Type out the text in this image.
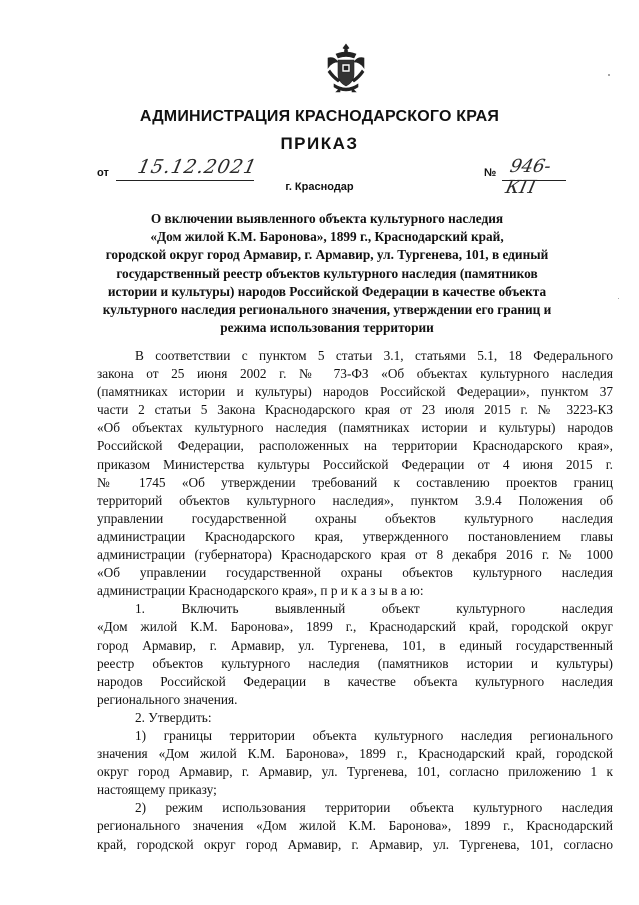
АДМИНИСТРАЦИЯ КРАСНОДАРСКОГО КРАЯ
ПРИКАЗ
от 15.12.2021	№ 946-КП
г. Краснодар
О включении выявленного объекта культурного наследия
«Дом жилой К.М. Баронова», 1899 г., Краснодарский край,
городской округ город Армавир, г. Армавир, ул. Тургенева, 101, в единый
государственный реестр объектов культурного наследия (памятников
истории и культуры) народов Российской Федерации в качестве объекта
культурного наследия регионального значения, утверждении его границ и
режима использования территории
В соответствии с пунктом 5 статьи 3.1, статьями 5.1, 18 Федерального
закона от 25 июня 2002 г. № 73-ФЗ «Об объектах культурного наследия
(памятниках истории и культуры) народов Российской Федерации», пунктом 37
части 2 статьи 5 Закона Краснодарского края от 23 июля 2015 г. № 3223-КЗ
«Об объектах культурного наследия (памятниках истории и культуры) народов
Российской Федерации, расположенных на территории Краснодарского края»,
приказом Министерства культуры Российской Федерации от 4 июня 2015 г.
№ 1745 «Об утверждении требований к составлению проектов границ
территорий объектов культурного наследия», пунктом 3.9.4 Положения об
управлении государственной охраны объектов культурного наследия
администрации Краснодарского края, утвержденного постановлением главы
администрации (губернатора) Краснодарского края от 8 декабря 2016 г. № 1000
«Об управлении государственной охраны объектов культурного наследия
администрации Краснодарского края», п р и к а з ы в а ю:
1. Включить выявленный объект культурного наследия
«Дом жилой К.М. Баронова», 1899 г., Краснодарский край, городской округ
город Армавир, г. Армавир, ул. Тургенева, 101, в единый государственный
реестр объектов культурного наследия (памятников истории и культуры)
народов Российской Федерации в качестве объекта культурного наследия
регионального значения.
2. Утвердить:
1) границы территории объекта культурного наследия регионального
значения «Дом жилой К.М. Баронова», 1899 г., Краснодарский край, городской
округ город Армавир, г. Армавир, ул. Тургенева, 101, согласно приложению 1 к
настоящему приказу;
2) режим использования территории объекта культурного наследия
регионального значения «Дом жилой К.М. Баронова», 1899 г., Краснодарский
край, городской округ город Армавир, г. Армавир, ул. Тургенева, 101, согласно
